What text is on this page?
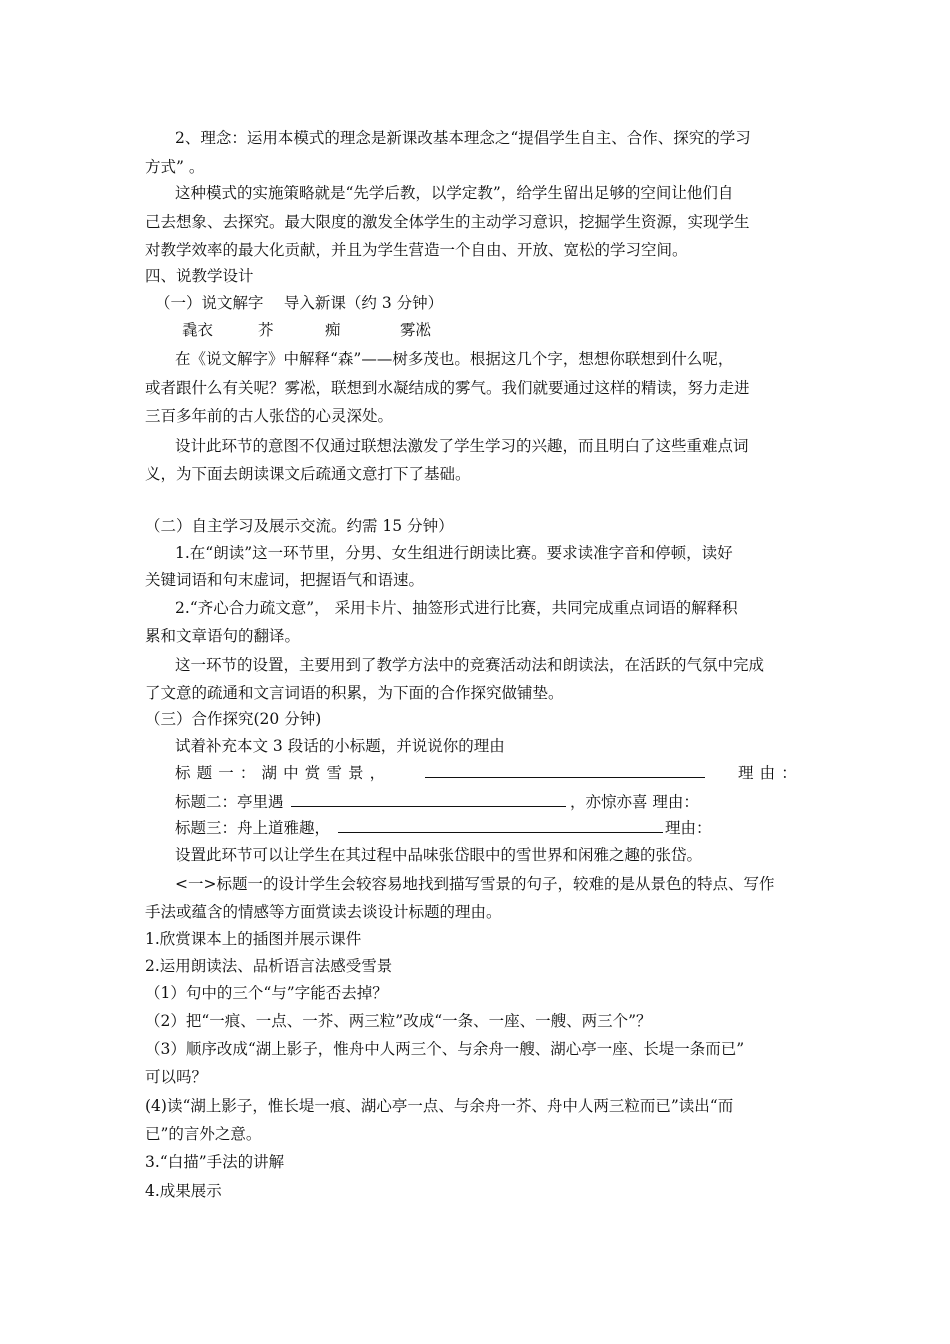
2、理念：运用本模式的理念是新课改基本理念之“提倡学生自主、合作、探究的学习
方式” 。
这种模式的实施策略就是“先学后教，以学定教”，给学生留出足够的空间让他们自
己去想象、去探究。最大限度的激发全体学生的主动学习意识，挖掘学生资源，实现学生
对教学效率的最大化贡献，并且为学生营造一个自由、开放、宽松的学习空间。
四、说教学设计
（一）说文解字　 导入新课（约 3 分钟）
毳衣	芥	痴	雾凇
在《说文解字》中解释“森”——树多茂也。根据这几个字，想想你联想到什么呢，
或者跟什么有关呢？雾凇，联想到水凝结成的雾气。我们就要通过这样的精读，努力走进
三百多年前的古人张岱的心灵深处。
设计此环节的意图不仅通过联想法激发了学生学习的兴趣，而且明白了这些重难点词
义，为下面去朗读课文后疏通文意打下了基础。
（二）自主学习及展示交流。约需 15 分钟）
1.在“朗读”这一环节里，分男、女生组进行朗读比赛。要求读准字音和停顿，读好
关键词语和句末虚词，把握语气和语速。
2.“齐心合力疏文意”， 采用卡片、抽签形式进行比赛，共同完成重点词语的解释积
累和文章语句的翻译。
这一环节的设置，主要用到了教学方法中的竞赛活动法和朗读法，在活跃的气氛中完成
了文意的疏通和文言词语的积累，为下面的合作探究做铺垫。
（三）合作探究(20 分钟)
试着补充本文 3 段话的小标题，并说说你的理由
标 题 一 ： 湖 中 赏 雪 景 ，	理 由 ：
标题二：亭里遇	，亦惊亦喜 理由：
标题三：舟上道雅趣，	理由：
设置此环节可以让学生在其过程中品味张岱眼中的雪世界和闲雅之趣的张岱。
<一>标题一的设计学生会较容易地找到描写雪景的句子，较难的是从景色的特点、写作
手法或蕴含的情感等方面赏读去谈设计标题的理由。
1.欣赏课本上的插图并展示课件
2.运用朗读法、品析语言法感受雪景
（1）句中的三个“与”字能否去掉？
（2）把“一痕、一点、一芥、两三粒”改成“一条、一座、一艘、两三个”？
（3）顺序改成“湖上影子，惟舟中人两三个、与余舟一艘、湖心亭一座、长堤一条而已”
可以吗？
(4)读“湖上影子，惟长堤一痕、湖心亭一点、与余舟一芥、舟中人两三粒而已”读出“而
已”的言外之意。
3.“白描”手法的讲解
4.成果展示
